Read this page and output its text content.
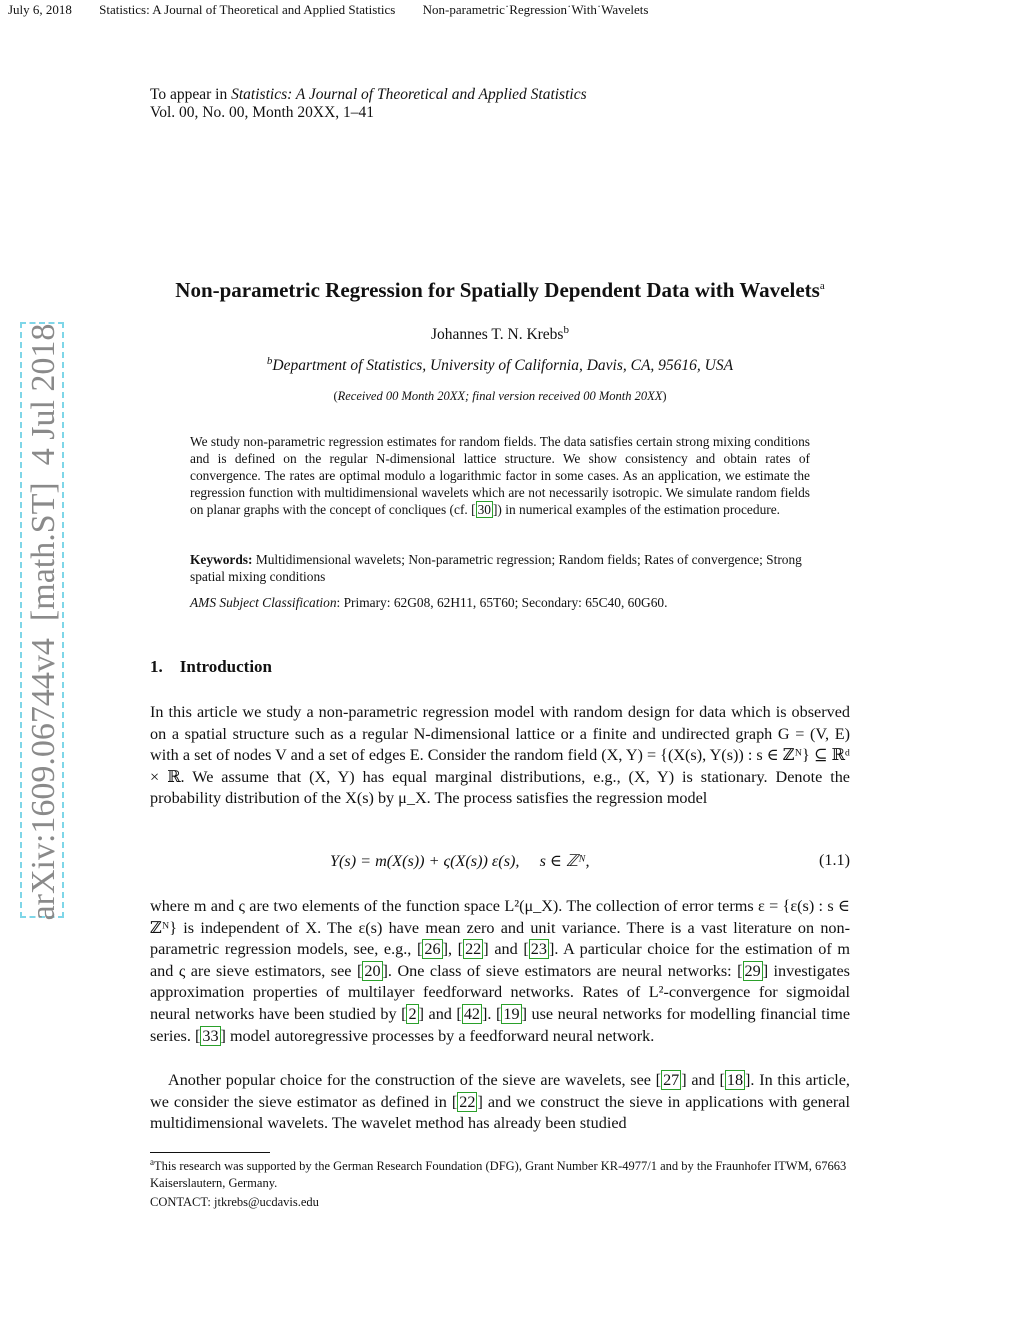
July 6, 2018 Statistics: A Journal of Theoretical and Applied Statistics Non-parametric˙Regression˙With˙Wavelets
To appear in Statistics: A Journal of Theoretical and Applied Statistics
Vol. 00, No. 00, Month 20XX, 1–41
Non-parametric Regression for Spatially Dependent Data with Wavelets$^a$
Johannes T. N. Krebs$^b$
$^b$Department of Statistics, University of California, Davis, CA, 95616, USA
(Received 00 Month 20XX; final version received 00 Month 20XX)
We study non-parametric regression estimates for random fields. The data satisfies certain strong mixing conditions and is defined on the regular N-dimensional lattice structure. We show consistency and obtain rates of convergence. The rates are optimal modulo a logarithmic factor in some cases. As an application, we estimate the regression function with multidimensional wavelets which are not necessarily isotropic. We simulate random fields on planar graphs with the concept of concliques (cf. [ 30 ]) in numerical examples of the estimation procedure.
Keywords: Multidimensional wavelets; Non-parametric regression; Random fields; Rates of convergence; Strong spatial mixing conditions
AMS Subject Classification: Primary: 62G08, 62H11, 65T60; Secondary: 65C40, 60G60.
1.    Introduction
In this article we study a non-parametric regression model with random design for data which is observed on a spatial structure such as a regular N-dimensional lattice or a finite and undirected graph G = (V, E) with a set of nodes V and a set of edges E. Consider the random field (X, Y) = {(X(s), Y(s)) : s ∈ ℤᴺ} ⊆ ℝᵈ × ℝ. We assume that (X, Y) has equal marginal distributions, e.g., (X, Y) is stationary. Denote the probability distribution of the X(s) by μ_X. The process satisfies the regression model
Y(s) = m(X(s)) + ς(X(s)) ε(s),     s ∈ ℤᴺ,	(1.1)
where m and ς are two elements of the function space L²(μ_X). The collection of error terms ε = {ε(s) : s ∈ ℤᴺ} is independent of X. The ε(s) have mean zero and unit variance. There is a vast literature on non-parametric regression models, see, e.g., [ 26 ], [ 22 ] and [ 23 ]. A particular choice for the estimation of m and ς are sieve estimators, see [ 20 ]. One class of sieve estimators are neural networks: [ 29 ] investigates approximation properties of multilayer feedforward networks. Rates of L²-convergence for sigmoidal neural networks have been studied by [ 2 ] and [ 42 ]. [ 19 ] use neural networks for modelling financial time series. [ 33 ] model autoregressive processes by a feedforward neural network.
Another popular choice for the construction of the sieve are wavelets, see [ 27 ] and [ 18 ]. In this article, we consider the sieve estimator as defined in [ 22 ] and we construct the sieve in applications with general multidimensional wavelets. The wavelet method has already been studied
$^a$This research was supported by the German Research Foundation (DFG), Grant Number KR-4977/1 and by the Fraunhofer ITWM, 67663 Kaiserslautern, Germany.
CONTACT: jtkrebs@ucdavis.edu
arXiv:1609.06744v4  [math.ST]  4 Jul 2018
